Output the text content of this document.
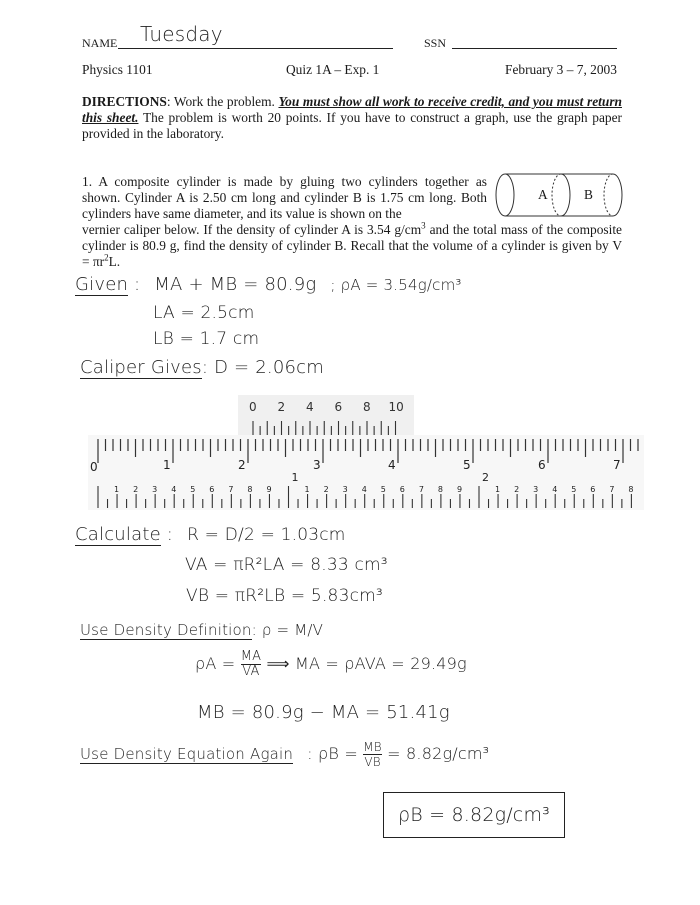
NAME Tuesday	SSN
Physics 1101	Quiz 1A – Exp. 1	February 3 – 7, 2003
DIRECTIONS: Work the problem. You must show all work to receive credit, and you must return this sheet. The problem is worth 20 points. If you have to construct a graph, use the graph paper provided in the laboratory.
1. A composite cylinder is made by gluing two cylinders together as shown. Cylinder A is 2.50 cm long and cylinder B is 1.75 cm long. Both cylinders have same diameter, and its value is shown on the
vernier caliper below. If the density of cylinder A is 3.54 $g/cm^3$ and the total mass of the composite cylinder is 80.9 g, find the density of cylinder B. Recall that the volume of a cylinder is given by $V = \pi r^2L$.
A	B
Given : MA + MB = 80.9g ; ρA = 3.54g/cm³
LA = 2.5cm
LB = 1.7 cm
Caliper Gives: D = 2.06cm
0 2 4 6 8 10
0	1	2	3	4	5	6	7
1	2
1 2 3 4 5 6 7 8 9	1 2 3 4 5 6 7 8 9	1 2 3 4 5 6 7 8
Calculate : R = D/2 = 1.03cm
VA = πR²LA = 8.33 cm³
VB = πR²LB = 5.83cm³
Use Density Definition: ρ = M/V
$\rho A = \frac{MA}{VA}$ ⟹ MA = ρAVA = 29.49g
MB = 80.9g − MA = 51.41g
Use Density Equation Again : $\rho B = \frac{MB}{VB} = 8.82g/cm^3$
ρB = 8.82g/cm³
